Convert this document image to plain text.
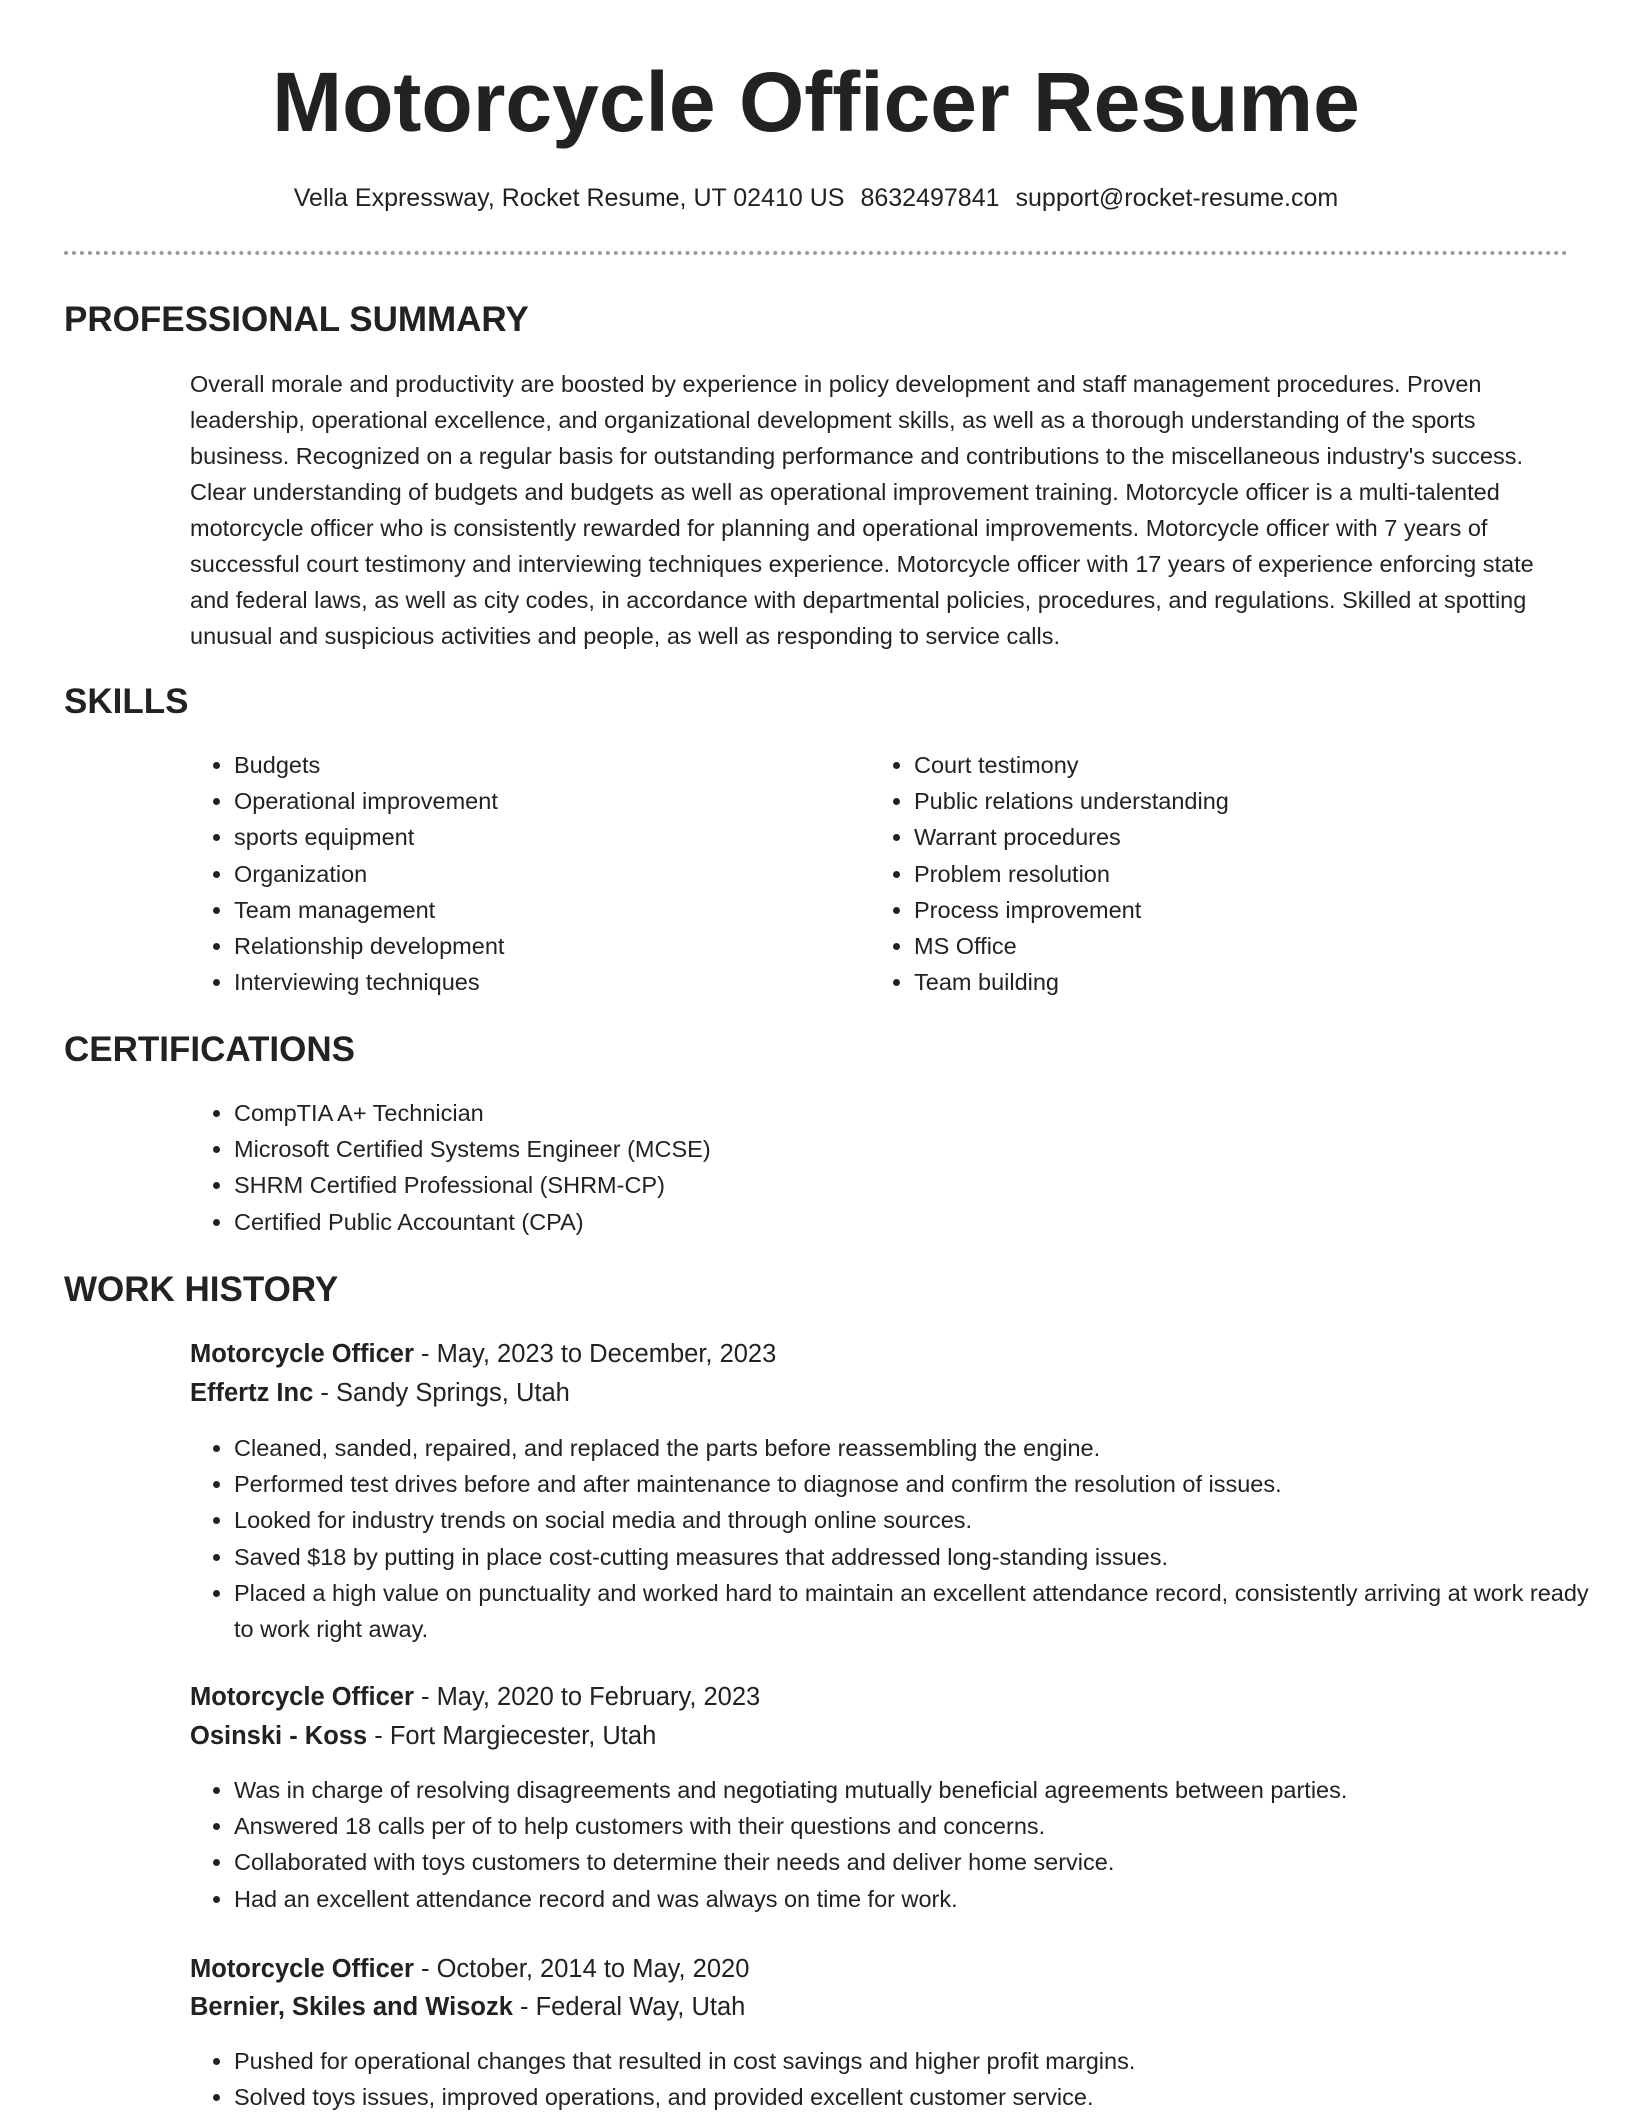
Motorcycle Officer Resume
Vella Expressway, Rocket Resume, UT 02410 US 8632497841 support@rocket-resume.com
PROFESSIONAL SUMMARY

Overall morale and productivity are boosted by experience in policy development and staff management procedures. Proven leadership, operational excellence, and organizational development skills, as well as a thorough understanding of the sports business. Recognized on a regular basis for outstanding performance and contributions to the miscellaneous industry's success. Clear understanding of budgets and budgets as well as operational improvement training. Motorcycle officer is a multi-talented motorcycle officer who is consistently rewarded for planning and operational improvements. Motorcycle officer with 7 years of successful court testimony and interviewing techniques experience. Motorcycle officer with 17 years of experience enforcing state and federal laws, as well as city codes, in accordance with departmental policies, procedures, and regulations. Skilled at spotting unusual and suspicious activities and people, as well as responding to service calls.

SKILLS
• Budgets
• Operational improvement
• sports equipment
• Organization
• Team management
• Relationship development
• Interviewing techniques
• Court testimony
• Public relations understanding
• Warrant procedures
• Problem resolution
• Process improvement
• MS Office
• Team building
CERTIFICATIONS
• CompTIA A+ Technician
• Microsoft Certified Systems Engineer (MCSE)
• SHRM Certified Professional (SHRM-CP)
• Certified Public Accountant (CPA)
WORK HISTORY
Motorcycle Officer - May, 2023 to December, 2023
Effertz Inc - Sandy Springs, Utah
• Cleaned, sanded, repaired, and replaced the parts before reassembling the engine.
• Performed test drives before and after maintenance to diagnose and confirm the resolution of issues.
• Looked for industry trends on social media and through online sources.
• Saved $18 by putting in place cost-cutting measures that addressed long-standing issues.
• Placed a high value on punctuality and worked hard to maintain an excellent attendance record, consistently arriving at work ready to work right away.
Motorcycle Officer - May, 2020 to February, 2023
Osinski - Koss - Fort Margiecester, Utah
• Was in charge of resolving disagreements and negotiating mutually beneficial agreements between parties.
• Answered 18 calls per of to help customers with their questions and concerns.
• Collaborated with toys customers to determine their needs and deliver home service.
• Had an excellent attendance record and was always on time for work.
Motorcycle Officer - October, 2014 to May, 2020
Bernier, Skiles and Wisozk - Federal Way, Utah
• Pushed for operational changes that resulted in cost savings and higher profit margins.
• Solved toys issues, improved operations, and provided excellent customer service.
